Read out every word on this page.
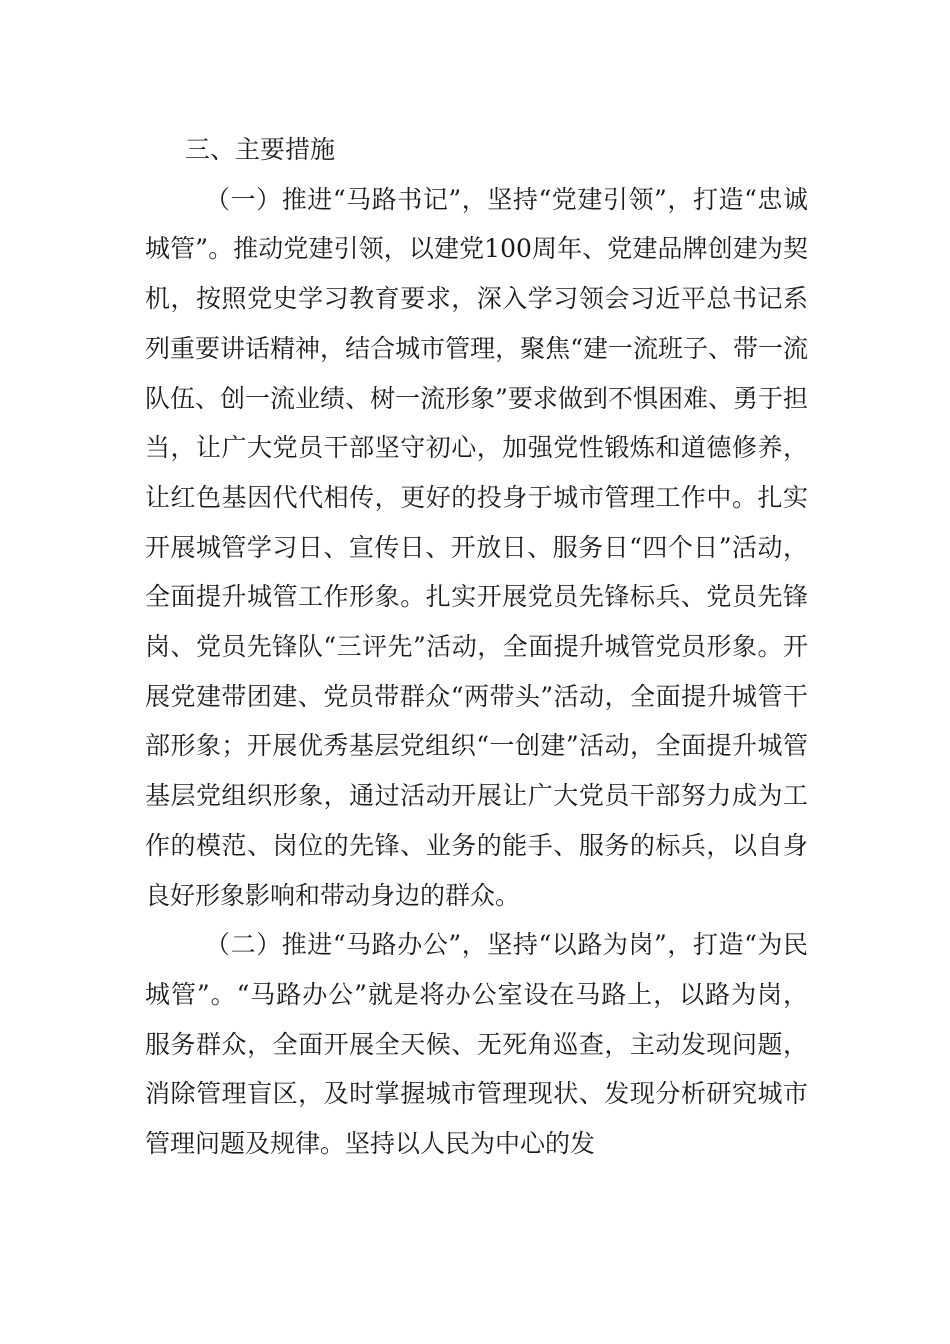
三、主要措施

（一）推进“马路书记”，坚持“党建引领”，打造“忠诚城管”。推动党建引领，以建党100周年、党建品牌创建为契机，按照党史学习教育要求，深入学习领会习近平总书记系列重要讲话精神，结合城市管理，聚焦“建一流班子、带一流队伍、创一流业绩、树一流形象”要求做到不惧困难、勇于担当，让广大党员干部坚守初心，加强党性锻炼和道德修养，让红色基因代代相传，更好的投身于城市管理工作中。扎实开展城管学习日、宣传日、开放日、服务日“四个日”活动，全面提升城管工作形象。扎实开展党员先锋标兵、党员先锋岗、党员先锋队“三评先”活动，全面提升城管党员形象。开展党建带团建、党员带群众“两带头”活动，全面提升城管干部形象；开展优秀基层党组织“一创建”活动，全面提升城管基层党组织形象，通过活动开展让广大党员干部努力成为工作的模范、岗位的先锋、业务的能手、服务的标兵，以自身良好形象影响和带动身边的群众。

（二）推进“马路办公”，坚持“以路为岗”，打造“为民城管”。“马路办公”就是将办公室设在马路上，以路为岗，服务群众，全面开展全天候、无死角巡查，主动发现问题，消除管理盲区，及时掌握城市管理现状、发现分析研究城市管理问题及规律。坚持以人民为中心的发
